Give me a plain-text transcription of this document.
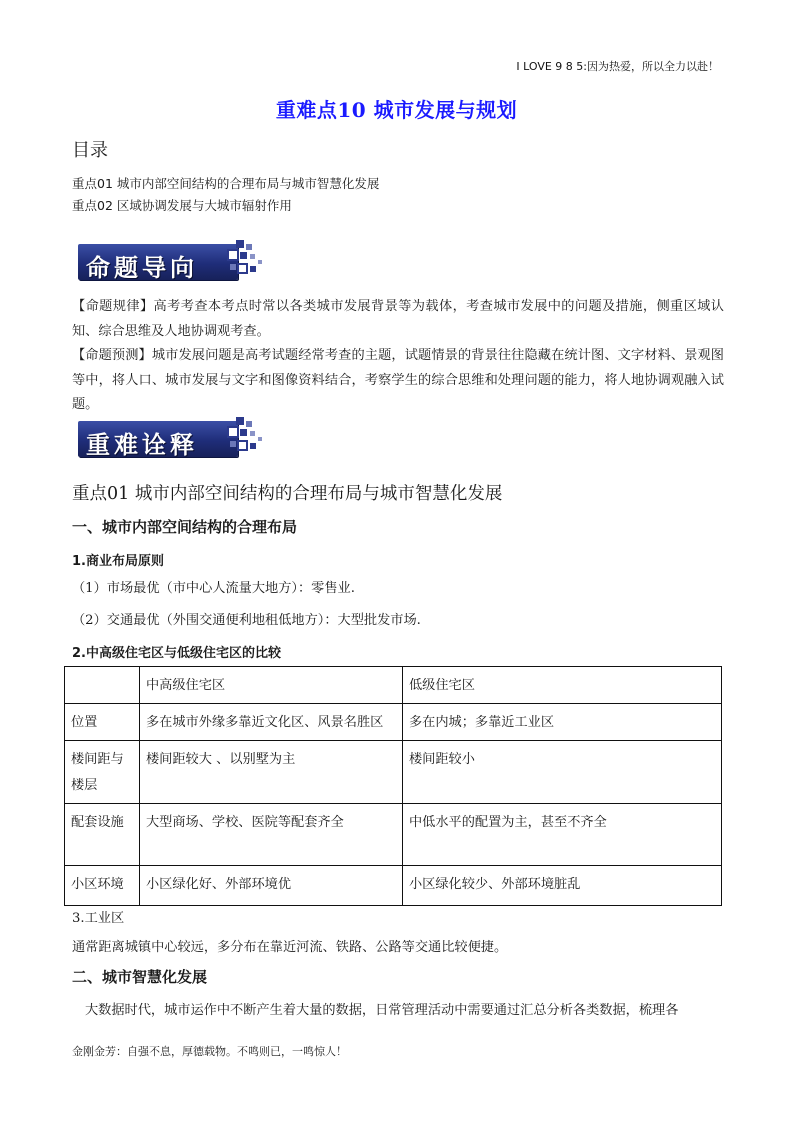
I LOVE 9 8 5:因为热爱，所以全力以赴！
重难点10 城市发展与规划
目录
重点01 城市内部空间结构的合理布局与城市智慧化发展
重点02 区域协调发展与大城市辐射作用
命题导向
【命题规律】高考考查本考点时常以各类城市发展背景等为载体，考查城市发展中的问题及措施，侧重区域认知、综合思维及人地协调观考查。
【命题预测】城市发展问题是高考试题经常考查的主题，试题情景的背景往往隐藏在统计图、文字材料、景观图等中，将人口、城市发展与文字和图像资料结合，考察学生的综合思维和处理问题的能力，将人地协调观融入试题。
重难诠释
重点01 城市内部空间结构的合理布局与城市智慧化发展
一、城市内部空间结构的合理布局
1.商业布局原则
（1）市场最优（市中心人流量大地方）：零售业.
（2）交通最优（外围交通便利地租低地方）：大型批发市场.
2.中高级住宅区与低级住宅区的比较
	中高级住宅区	低级住宅区
位置	多在城市外缘多靠近文化区、风景名胜区	多在内城；多靠近工业区
楼间距与楼层	楼间距较大 、以别墅为主	楼间距较小
配套设施	大型商场、学校、医院等配套齐全	中低水平的配置为主，甚至不齐全
小区环境	小区绿化好、外部环境优	小区绿化较少、外部环境脏乱
3.工业区
通常距离城镇中心较远，多分布在靠近河流、铁路、公路等交通比较便捷。
二、城市智慧化发展
大数据时代，城市运作中不断产生着大量的数据，日常管理活动中需要通过汇总分析各类数据，梳理各
金刚金芳：自强不息，厚德载物。不鸣则已，一鸣惊人！
